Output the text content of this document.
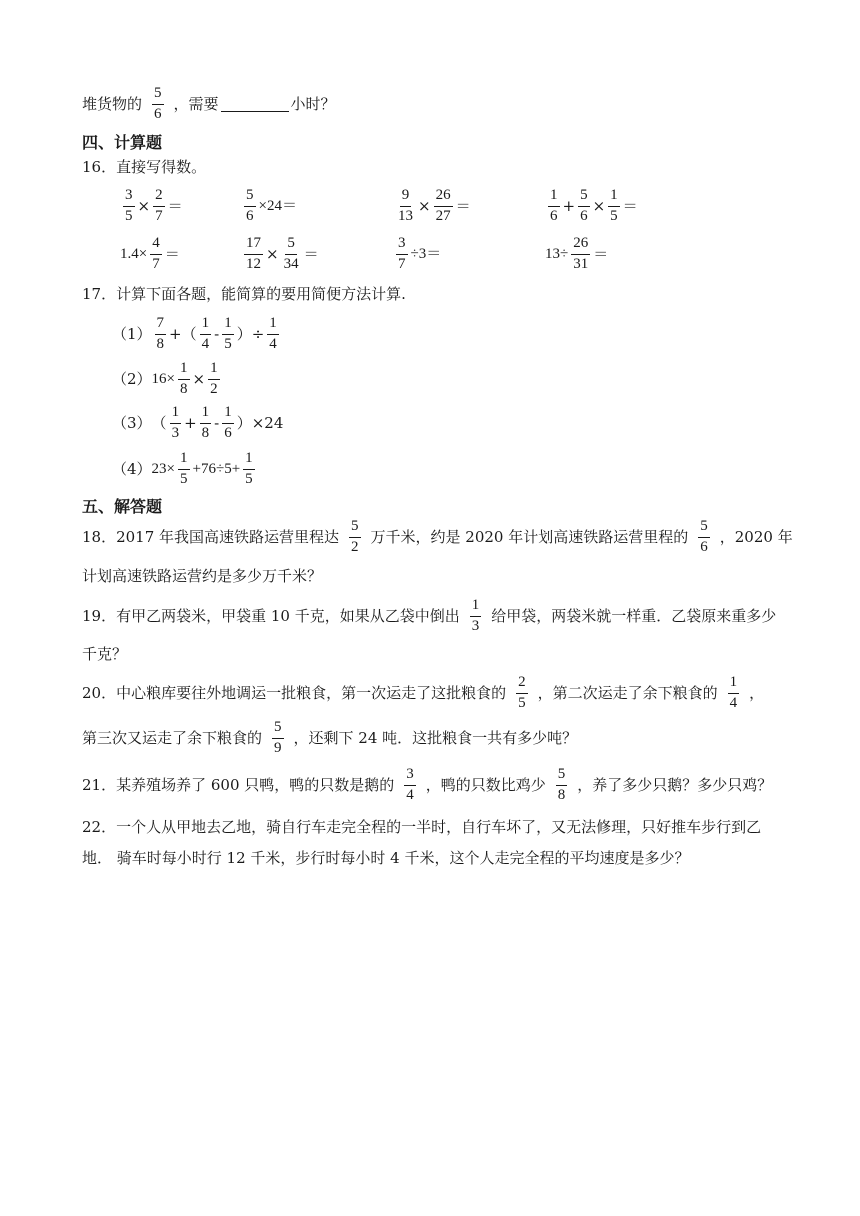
堆货物的 $\frac{5}{6}$ ，需要	小时？
四、计算题
16．直接写得数。
$\frac{3}{5} \times \frac{2}{7}$ ＝	$\frac{5}{6} \times 24=$	$\frac{9}{13} \times \frac{26}{27}$ ＝	$\frac{1}{6} + \frac{5}{6} \times \frac{1}{5}$ ＝
$1.4\times \frac{4}{7}$ ＝	$\frac{17}{12} \times \frac{5}{34}$ ＝	$\frac{3}{7} \div 3=$	$13\div \frac{26}{31}$ ＝
17．计算下面各题，能简算的要用简便方法计算.
$(1) \frac{7}{8}$ +（ $\frac{1}{4} - \frac{1}{5}$ ）÷ $\frac{1}{4}$
（2） $16\times \frac{1}{8} \times \frac{1}{2}$
（3） （ $\frac{1}{3} + \frac{1}{8} - \frac{1}{6} )\times 24$
（4） $23\times \frac{1}{5} +76\div 5+ \frac{1}{5}$
五、解答题
18．2017 年我国高速铁路运营里程达 $\frac{5}{2}$ 万千米，约是 2020 年计划高速铁路运营里程的 $\frac{5}{6}$ ，2020 年
计划高速铁路运营约是多少万千米？
19．有甲乙两袋米，甲袋重 10 千克，如果从乙袋中倒出 $\frac{1}{3}$ 给甲袋，两袋米就一样重．乙袋原来重多少
千克？
20．中心粮库要往外地调运一批粮食，第一次运走了这批粮食的 $\frac{2}{5}$ ，第二次运走了余下粮食的 $\frac{1}{4}$ ，
第三次又运走了余下粮食的 $\frac{5}{9}$ ，还剩下 24 吨．这批粮食一共有多少吨？
21．某养殖场养了 600 只鸭，鸭的只数是鹅的 $\frac{3}{4}$ ，鸭的只数比鸡少 $\frac{5}{8}$ ，养了多少只鹅？多少只鸡？
22．一个人从甲地去乙地，骑自行车走完全程的一半时，自行车坏了，又无法修理，只好推车步行到乙
地． 骑车时每小时行 12 千米，步行时每小时 4 千米，这个人走完全程的平均速度是多少？
